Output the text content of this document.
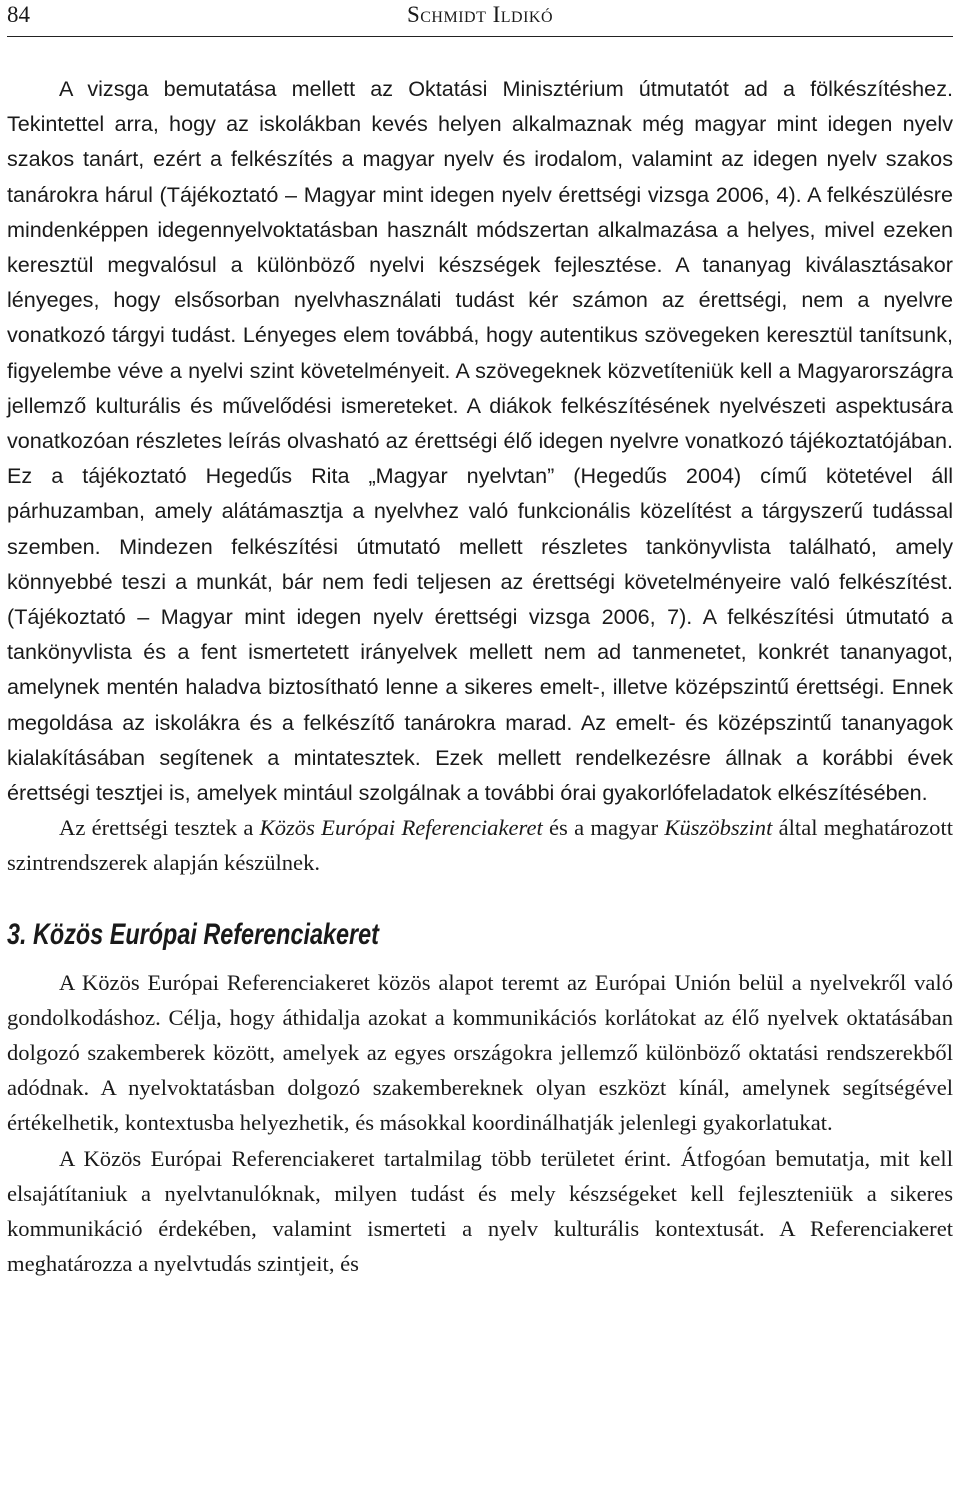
84	Schmidt Ildikó

A vizsga bemutatása mellett az Oktatási Minisztérium útmutatót ad a fölkészítéshez. Tekintettel arra, hogy az iskolákban kevés helyen alkalmaznak még magyar mint idegen nyelv szakos tanárt, ezért a felkészítés a magyar nyelv és irodalom, valamint az idegen nyelv szakos tanárokra hárul (Tájékoztató – Magyar mint idegen nyelv érettségi vizsga 2006, 4). A felkészülésre mindenképpen idegennyelvoktatásban használt módszertan alkalmazása a helyes, mivel ezeken keresztül megvalósul a különböző nyelvi készségek fejlesztése. A tananyag kiválasztásakor lényeges, hogy elsősorban nyelvhasználati tudást kér számon az érettségi, nem a nyelvre vonatkozó tárgyi tudást. Lényeges elem továbbá, hogy autentikus szövegeken keresztül tanítsunk, figyelembe véve a nyelvi szint követelményeit. A szövegeknek közvetíteniük kell a Magyarországra jellemző kulturális és művelődési ismereteket. A diákok felkészítésének nyelvészeti aspektusára vonatkozóan részletes leírás olvasható az érettségi élő idegen nyelvre vonatkozó tájékoztatójában. Ez a tájékoztató Hegedűs Rita „Magyar nyelvtan” (Hegedűs 2004) című kötetével áll párhuzamban, amely alátámasztja a nyelvhez való funkcionális közelítést a tárgyszerű tudással szemben. Mindezen felkészítési útmutató mellett részletes tankönyvlista található, amely könnyebbé teszi a munkát, bár nem fedi teljesen az érettségi követelményeire való felkészítést. (Tájékoztató – Magyar mint idegen nyelv érettségi vizsga 2006, 7). A felkészítési útmutató a tankönyvlista és a fent ismertetett irányelvek mellett nem ad tanmenetet, konkrét tananyagot, amelynek mentén haladva biztosítható lenne a sikeres emelt-, illetve középszintű érettségi. Ennek megoldása az iskolákra és a felkészítő tanárokra marad. Az emelt- és középszintű tananyagok kialakításában segítenek a mintatesztek. Ezek mellett rendelkezésre állnak a korábbi évek érettségi tesztjei is, amelyek mintául szolgálnak a további órai gyakorlófeladatok elkészítésében.

Az érettségi tesztek a Közös Európai Referenciakeret és a magyar Küszöbszint által meghatározott szintrendszerek alapján készülnek.

3. Közös Európai Referenciakeret

A Közös Európai Referenciakeret közös alapot teremt az Európai Unión belül a nyelvekről való gondolkodáshoz. Célja, hogy áthidalja azokat a kommunikációs korlátokat az élő nyelvek oktatásában dolgozó szakemberek között, amelyek az egyes országokra jellemző különböző oktatási rendszerekből adódnak. A nyelvoktatásban dolgozó szakembereknek olyan eszközt kínál, amelynek segítségével értékelhetik, kontextusba helyezhetik, és másokkal koordinálhatják jelenlegi gyakorlatukat.

A Közös Európai Referenciakeret tartalmilag több területet érint. Átfogóan bemutatja, mit kell elsajátítaniuk a nyelvtanulóknak, milyen tudást és mely készségeket kell fejleszteniük a sikeres kommunikáció érdekében, valamint ismerteti a nyelv kulturális kontextusát. A Referenciakeret meghatározza a nyelvtudás szintjeit, és
